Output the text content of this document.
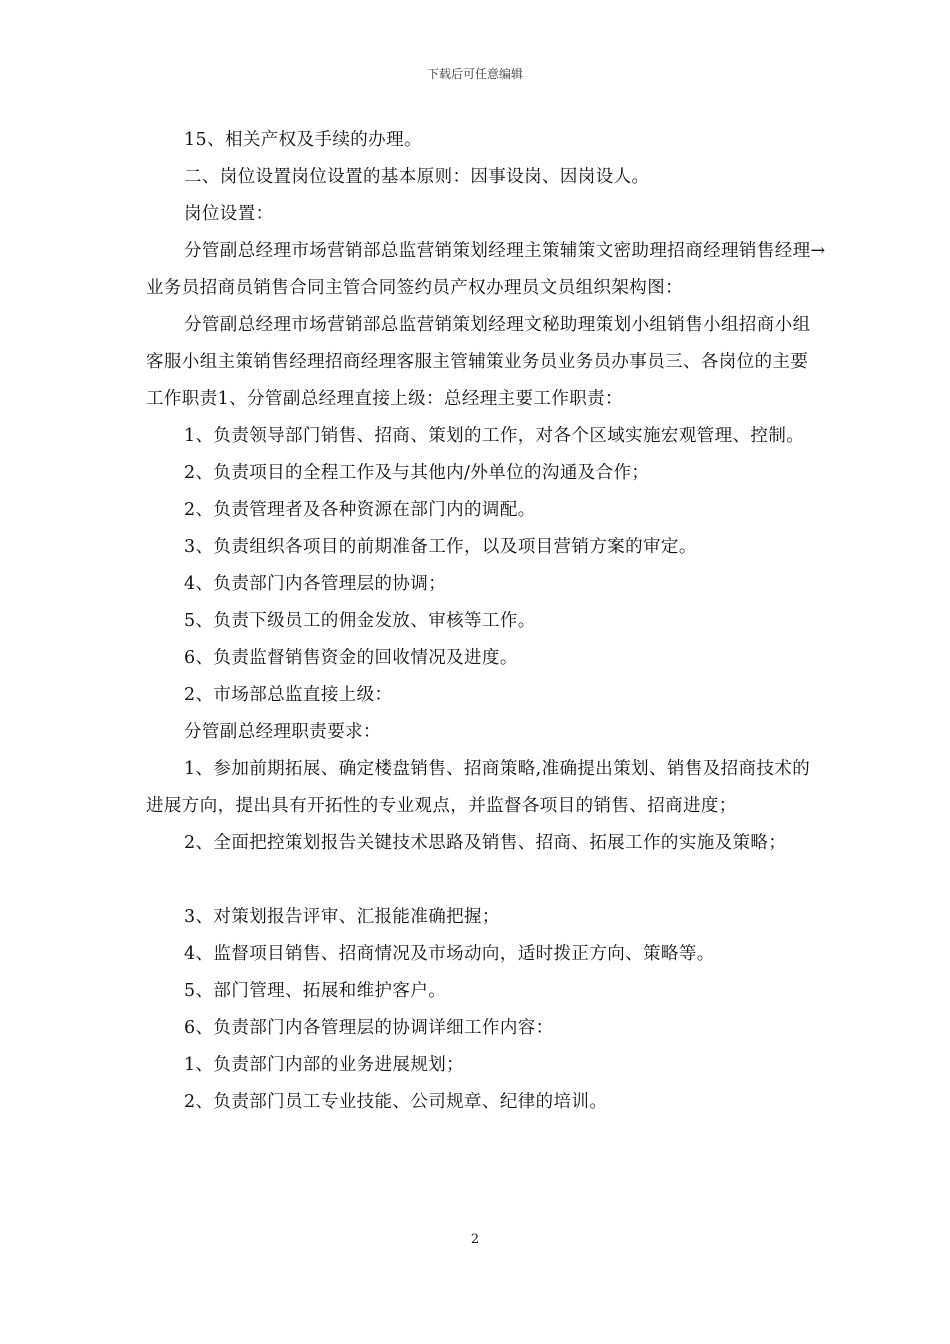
下载后可任意编辑

15、相关产权及手续的办理。

二、岗位设置岗位设置的基本原则：因事设岗、因岗设人。

岗位设置：

分管副总经理市场营销部总监营销策划经理主策辅策文密助理招商经理销售经理→业务员招商员销售合同主管合同签约员产权办理员文员组织架构图：

分管副总经理市场营销部总监营销策划经理文秘助理策划小组销售小组招商小组客服小组主策销售经理招商经理客服主管辅策业务员业务员办事员三、各岗位的主要工作职责1、分管副总经理直接上级：总经理主要工作职责：

1、负责领导部门销售、招商、策划的工作，对各个区域实施宏观管理、控制。

2、负责项目的全程工作及与其他内/外单位的沟通及合作；

2、负责管理者及各种资源在部门内的调配。

3、负责组织各项目的前期准备工作，以及项目营销方案的审定。

4、负责部门内各管理层的协调；

5、负责下级员工的佣金发放、审核等工作。

6、负责监督销售资金的回收情况及进度。

2、市场部总监直接上级：

分管副总经理职责要求：

1、参加前期拓展、确定楼盘销售、招商策略,准确提出策划、销售及招商技术的进展方向，提出具有开拓性的专业观点，并监督各项目的销售、招商进度；

2、全面把控策划报告关键技术思路及销售、招商、拓展工作的实施及策略；

3、对策划报告评审、汇报能准确把握；

4、监督项目销售、招商情况及市场动向，适时拨正方向、策略等。

5、部门管理、拓展和维护客户。

6、负责部门内各管理层的协调详细工作内容：

1、负责部门内部的业务进展规划；

2、负责部门员工专业技能、公司规章、纪律的培训。

2
